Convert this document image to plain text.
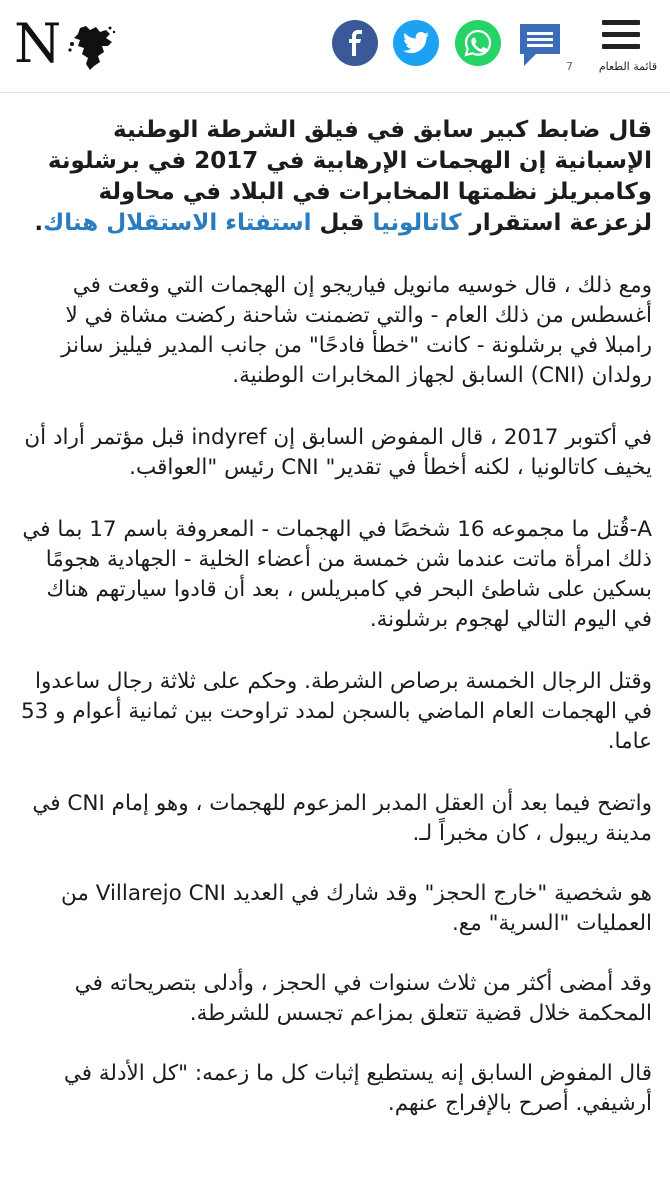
N	7 قائمة الطعام

قال ضابط كبير سابق في فيلق الشرطة الوطنية الإسبانية إن الهجمات الإرهابية في 2017 في برشلونة وكامبريلز نظمتها المخابرات في البلاد في محاولة لزعزعة استقرار كاتالونيا قبل استفتاء الاستقلال هناك.

ومع ذلك ، قال خوسيه مانويل فياريجو إن الهجمات التي وقعت في أغسطس من ذلك العام - والتي تضمنت شاحنة ركضت مشاة في لا رامبلا في برشلونة - كانت "خطأ فادحًا" من جانب المدير فيليز سانز رولدان (CNI) السابق لجهاز المخابرات الوطنية.

في أكتوبر 2017 ، قال المفوض السابق إن indyref قبل مؤتمر أراد أن يخيف كاتالونيا ، لكنه أخطأ في تقدير" CNI رئيس "العواقب.

A-قُتل ما مجموعه 16 شخصًا في الهجمات - المعروفة باسم 17 بما في ذلك امرأة ماتت عندما شن خمسة من أعضاء الخلية - الجهادية هجومًا بسكين على شاطئ البحر في كامبريلس ، بعد أن قادوا سيارتهم هناك في اليوم التالي لهجوم برشلونة.

وقتل الرجال الخمسة برصاص الشرطة. وحكم على ثلاثة رجال ساعدوا في الهجمات العام الماضي بالسجن لمدد تراوحت بين ثمانية أعوام و 53 عاما.

واتضح فيما بعد أن العقل المدبر المزعوم للهجمات ، وهو إمام CNI في مدينة ريبول ، كان مخبراً لـ.

هو شخصية "خارج الحجز" وقد شارك في العديد Villarejo CNI من العمليات "السرية" مع.

وقد أمضى أكثر من ثلاث سنوات في الحجز ، وأدلى بتصريحاته في المحكمة خلال قضية تتعلق بمزاعم تجسس للشرطة.

قال المفوض السابق إنه يستطيع إثبات كل ما زعمه: "كل الأدلة في أرشيفي. أصرح بالإفراج عنهم.
